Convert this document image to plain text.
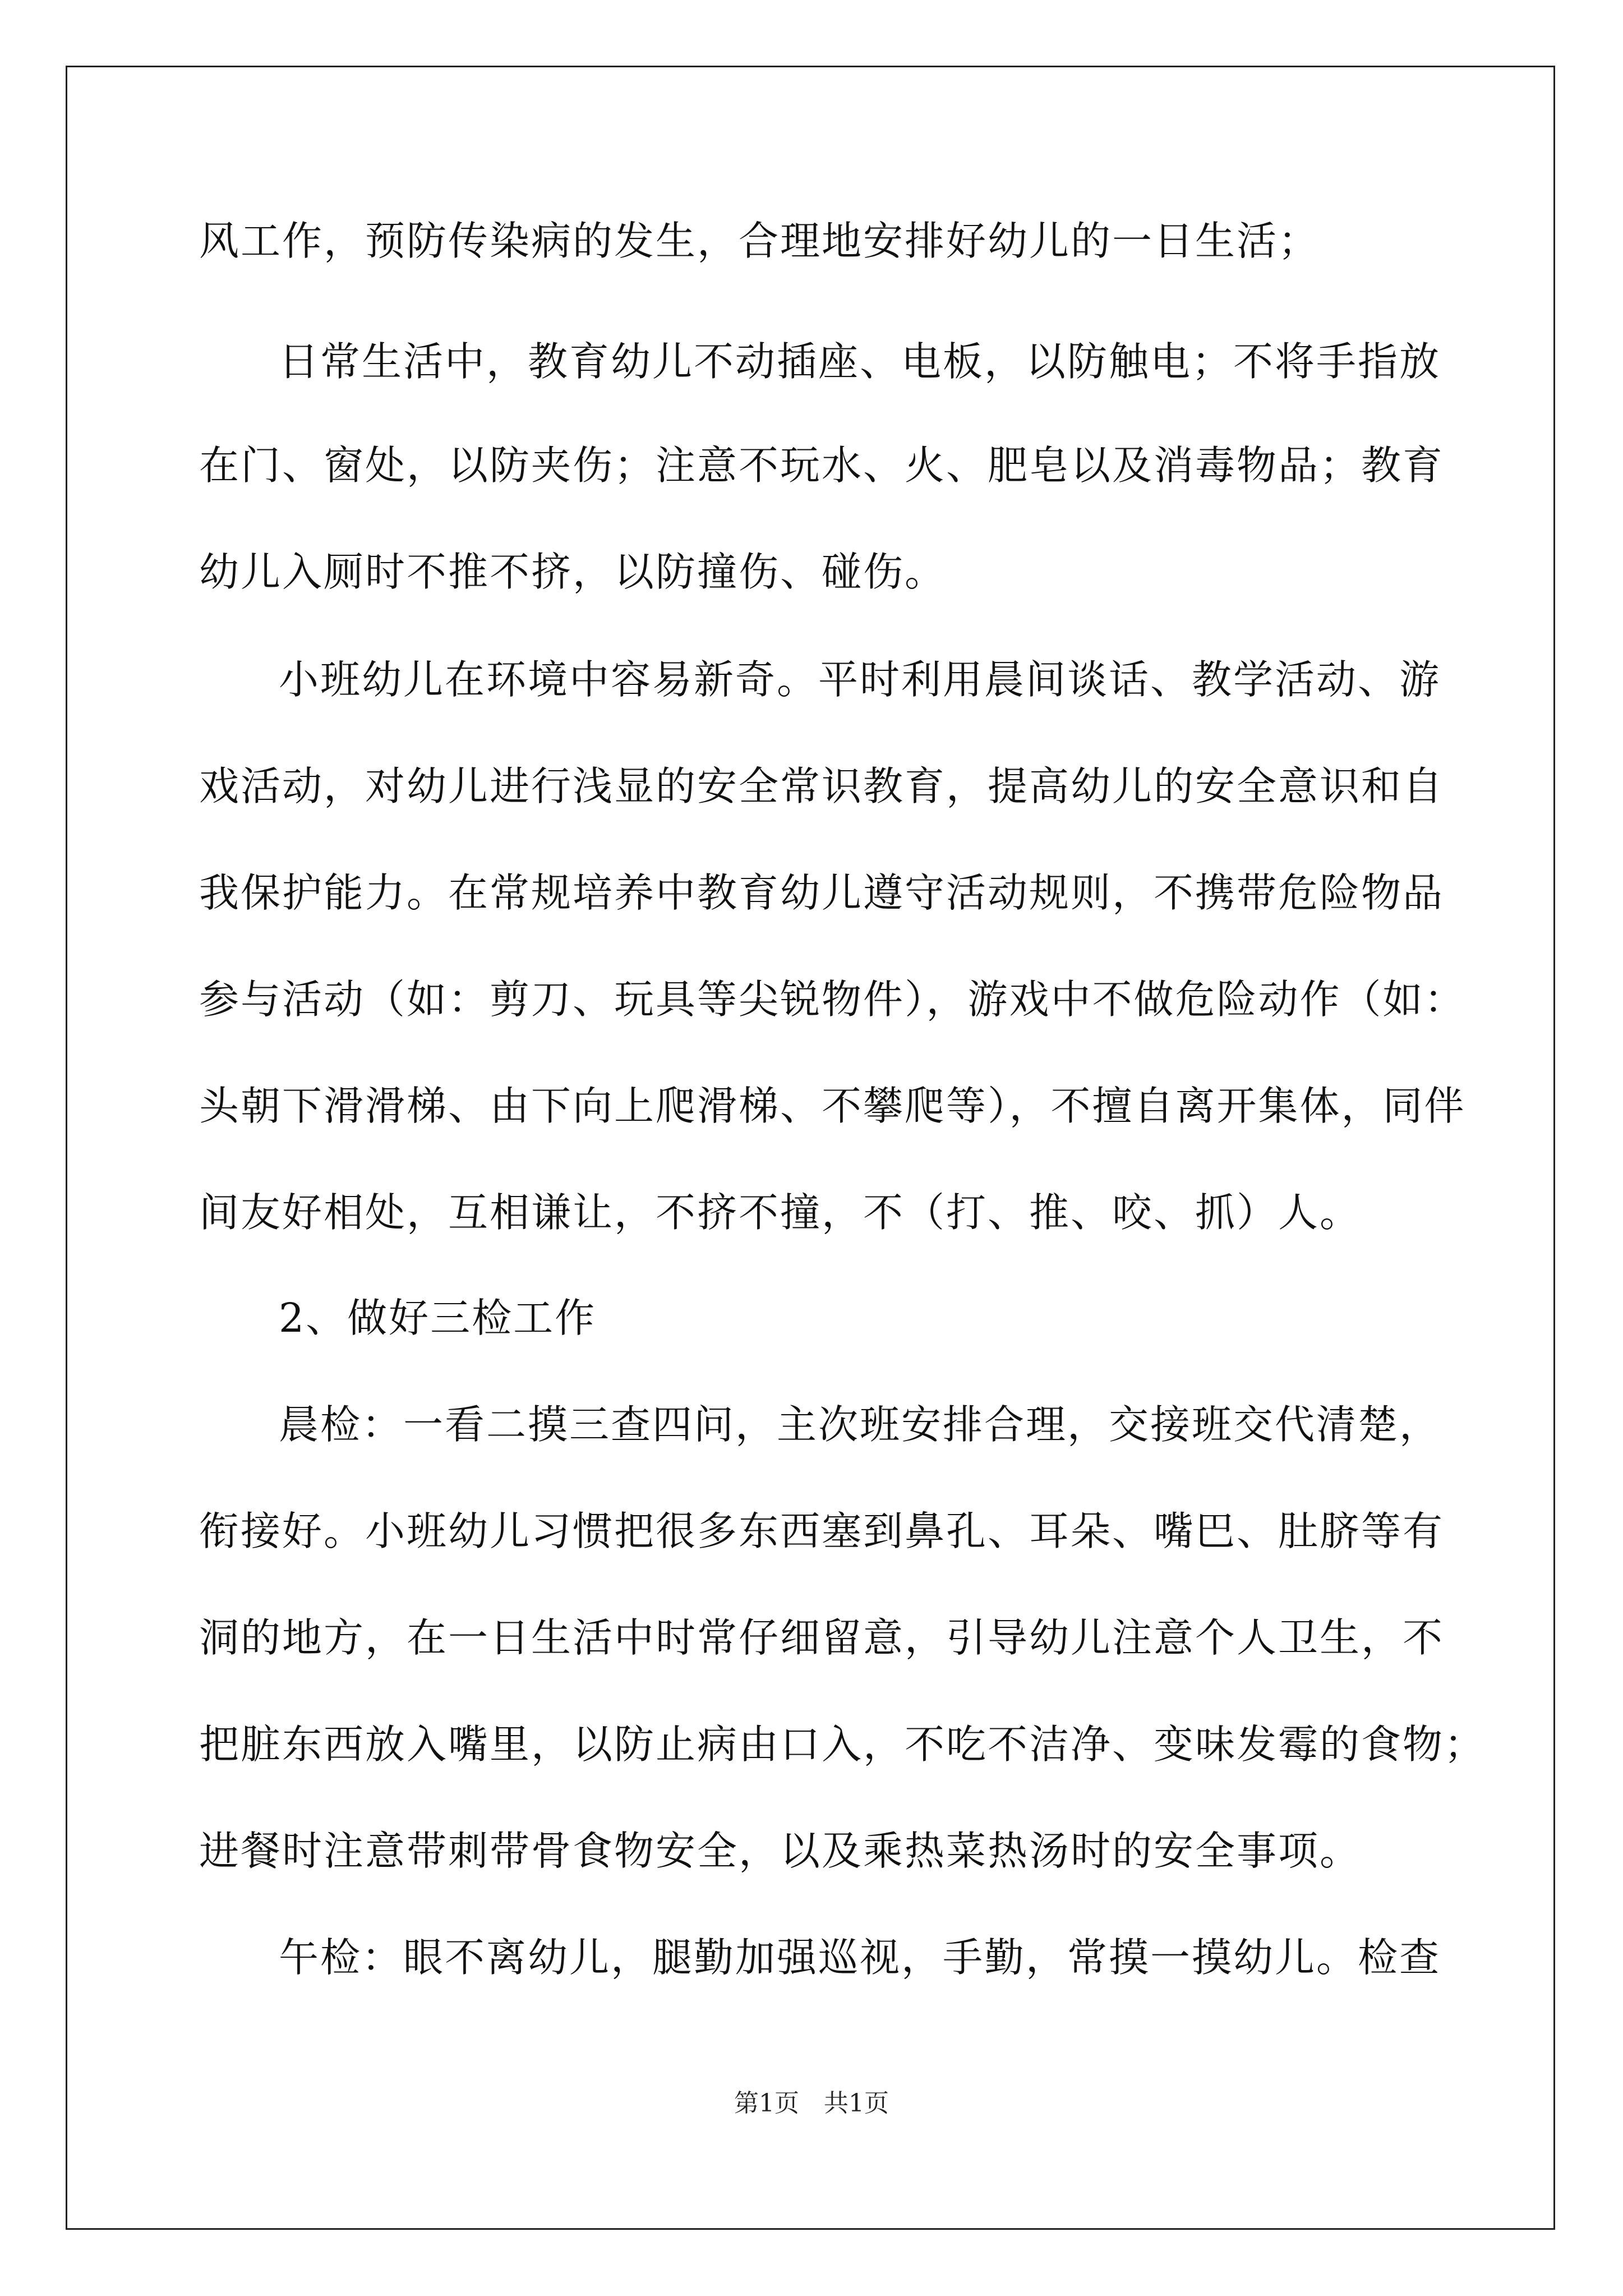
风工作，预防传染病的发生，合理地安排好幼儿的一日生活；
日常生活中，教育幼儿不动插座、电板，以防触电；不将手指放
在门、窗处，以防夹伤；注意不玩水、火、肥皂以及消毒物品；教育
幼儿入厕时不推不挤，以防撞伤、碰伤。
小班幼儿在环境中容易新奇。平时利用晨间谈话、教学活动、游
戏活动，对幼儿进行浅显的安全常识教育，提高幼儿的安全意识和自
我保护能力。在常规培养中教育幼儿遵守活动规则，不携带危险物品
参与活动（如：剪刀、玩具等尖锐物件），游戏中不做危险动作（如：
头朝下滑滑梯、由下向上爬滑梯、不攀爬等），不擅自离开集体，同伴
间友好相处，互相谦让，不挤不撞，不（打、推、咬、抓）人。
2、做好三检工作
晨检：一看二摸三查四问，主次班安排合理，交接班交代清楚，
衔接好。小班幼儿习惯把很多东西塞到鼻孔、耳朵、嘴巴、肚脐等有
洞的地方，在一日生活中时常仔细留意，引导幼儿注意个人卫生，不
把脏东西放入嘴里，以防止病由口入，不吃不洁净、变味发霉的食物；
进餐时注意带刺带骨食物安全，以及乘热菜热汤时的安全事项。
午检：眼不离幼儿，腿勤加强巡视，手勤，常摸一摸幼儿。检查
第1页　共1页
